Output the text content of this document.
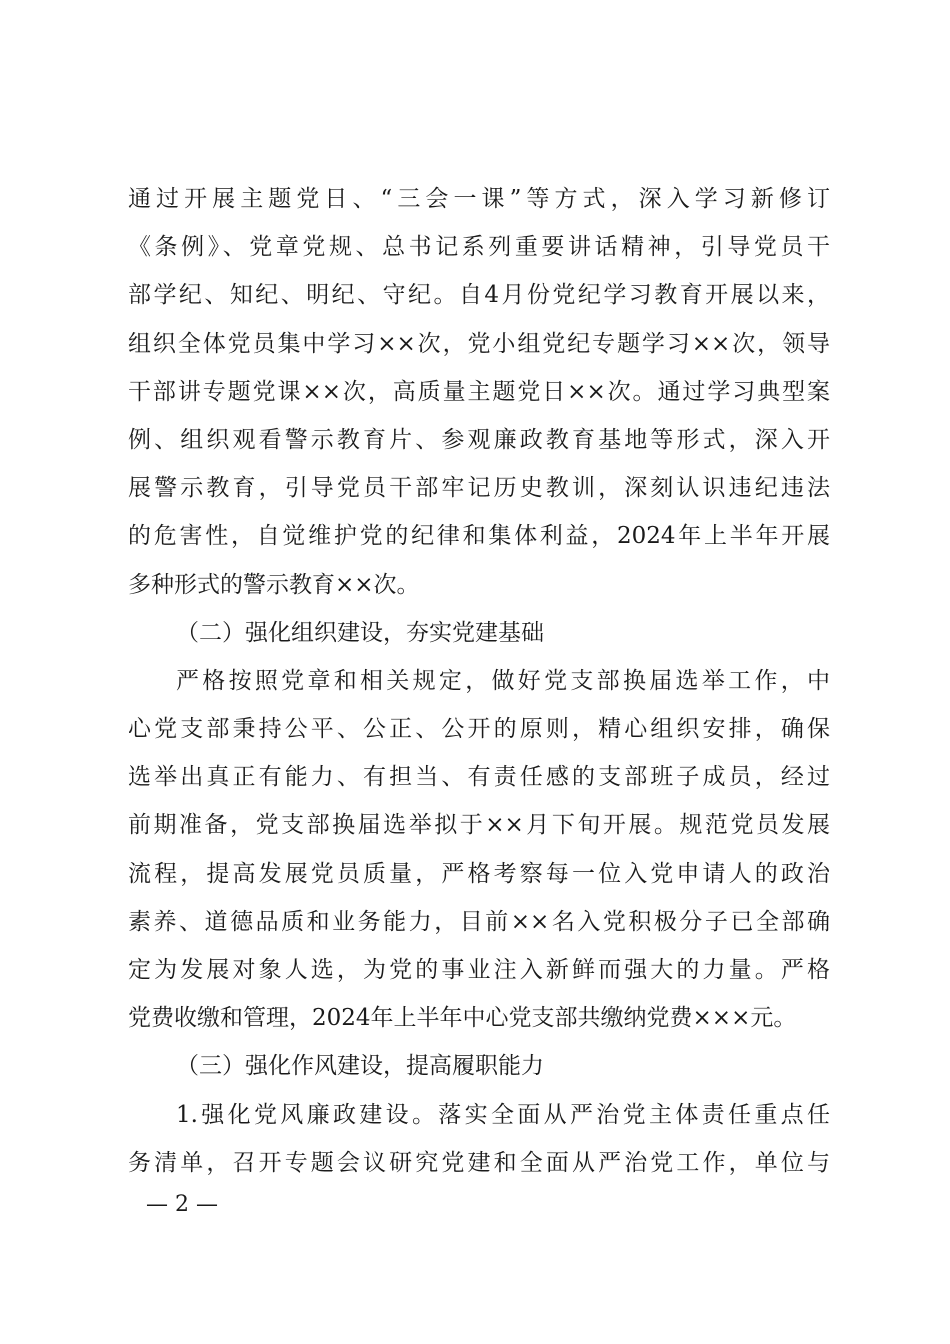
通过开展主题党日、“三会一课”等方式，深入学习新修订
《条例》、党章党规、总书记系列重要讲话精神，引导党员干
部学纪、知纪、明纪、守纪。自4月份党纪学习教育开展以来，
组织全体党员集中学习××次，党小组党纪专题学习××次，领导
干部讲专题党课××次，高质量主题党日××次。通过学习典型案
例、组织观看警示教育片、参观廉政教育基地等形式，深入开
展警示教育，引导党员干部牢记历史教训，深刻认识违纪违法
的危害性，自觉维护党的纪律和集体利益，2024年上半年开展
多种形式的警示教育××次。
（二）强化组织建设，夯实党建基础
严格按照党章和相关规定，做好党支部换届选举工作，中
心党支部秉持公平、公正、公开的原则，精心组织安排，确保
选举出真正有能力、有担当、有责任感的支部班子成员，经过
前期准备，党支部换届选举拟于××月下旬开展。规范党员发展
流程，提高发展党员质量，严格考察每一位入党申请人的政治
素养、道德品质和业务能力，目前××名入党积极分子已全部确
定为发展对象人选，为党的事业注入新鲜而强大的力量。严格
党费收缴和管理，2024年上半年中心党支部共缴纳党费×××元。
（三）强化作风建设，提高履职能力
1.强化党风廉政建设。落实全面从严治党主体责任重点任
务清单，召开专题会议研究党建和全面从严治党工作，单位与
— 2 —
